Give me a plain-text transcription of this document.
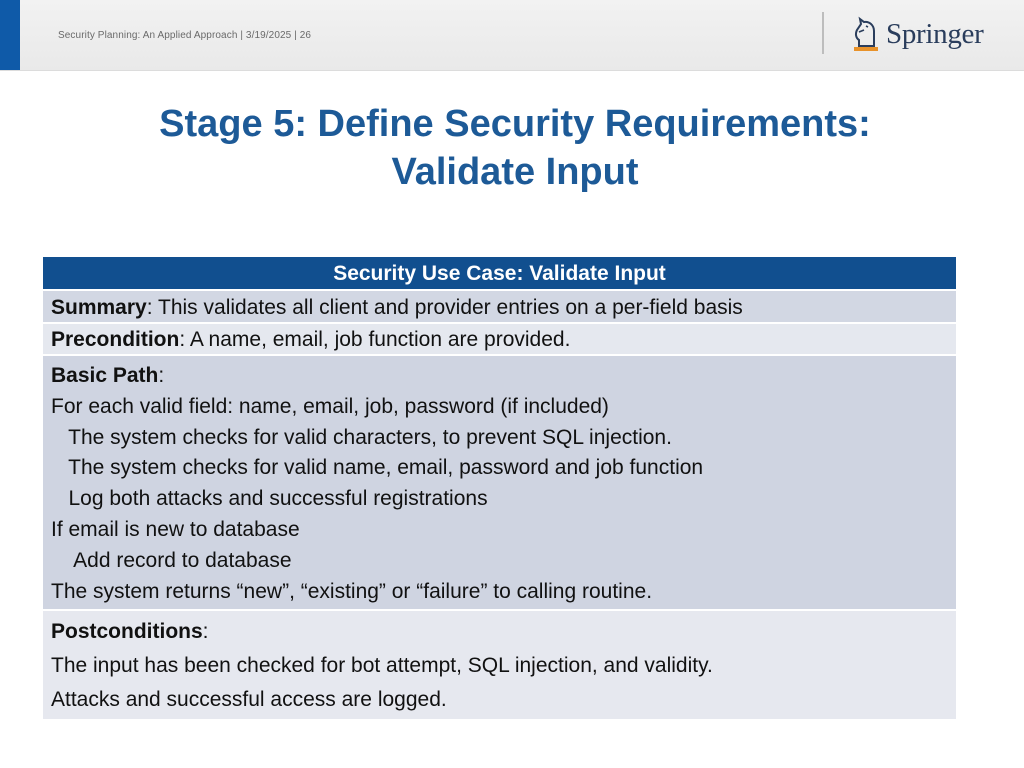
Security Planning: An Applied Approach | 3/19/2025 | 26	Springer
Stage 5: Define Security Requirements:
Validate Input
Security Use Case: Validate Input
Summary: This validates all client and provider entries on a per-field basis
Precondition: A name, email, job function are provided.
Basic Path:
For each valid field: name, email, job, password (if included)
The system checks for valid characters, to prevent SQL injection.
The system checks for valid name, email, password and job function
Log both attacks and successful registrations
If email is new to database
Add record to database
The system returns “new”, “existing” or “failure” to calling routine.
Postconditions:
The input has been checked for bot attempt, SQL injection, and validity.
Attacks and successful access are logged.
